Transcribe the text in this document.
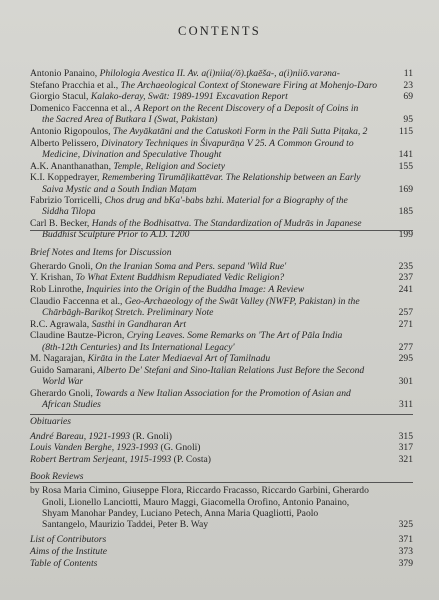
CONTENTS
Antonio Panaino, Philologia Avestica II. Av. a(i)niia(/ō).ţkaēša-, a(i)niiō.varəna-	11
Stefano Pracchia et al., The Archaeological Context of Stoneware Firing at Mohenjo-Daro	23
Giorgio Stacul, Kalako-deray, Swāt: 1989-1991 Excavation Report	69
Domenico Faccenna et al., A Report on the Recent Discovery of a Deposit of Coins in
the Sacred Area of Butkara I (Swat, Pakistan)	95
Antonio Rigopoulos, The Avyākatāni and the Catuskoti Form in the Pāli Sutta Piṭaka, 2	115
Alberto Pelissero, Divinatory Techniques in Śivapurāṇa V 25. A Common Ground to
Medicine, Divination and Speculative Thought	141
A.K. Ananthanathan, Temple, Religion and Society	155
K.I. Koppedrayer, Remembering Tirumāḷikattēvar. The Relationship between an Early
Saiva Mystic and a South Indian Maṭam	169
Fabrizio Torricelli, Chos drug and bKa'-babs bzhi. Material for a Biography of the
Siddha Tilopa	185
Carl B. Becker, Hands of the Bodhisattva. The Standardization of Mudrās in Japanese
Buddhist Sculpture Prior to A.D. 1200	199
Brief Notes and Items for Discussion
Gherardo Gnoli, On the Iranian Soma and Pers. sepand 'Wild Rue'	235
Y. Krishan, To What Extent Buddhism Repudiated Vedic Religion?	237
Rob Linrothe, Inquiries into the Origin of the Buddha Image: A Review	241
Claudio Faccenna et al., Geo-Archaeology of the Swāt Valley (NWFP, Pakistan) in the
Chārbāgh-Barikoṭ Stretch. Preliminary Note	257
R.C. Agrawala, Sasthi in Gandharan Art	271
Claudine Bautze-Picron, Crying Leaves. Some Remarks on 'The Art of Pāla India
(8th-12th Centuries) and Its International Legacy'	277
M. Nagarajan, Kirāta in the Later Mediaeval Art of Tamilnadu	295
Guido Samarani, Alberto De' Stefani and Sino-Italian Relations Just Before the Second
World War	301
Gherardo Gnoli, Towards a New Italian Association for the Promotion of Asian and
African Studies	311
Obituaries
André Bareau, 1921-1993 (R. Gnoli)	315
Louis Vanden Berghe, 1923-1993 (G. Gnoli)	317
Robert Bertram Serjeant, 1915-1993 (P. Costa)	321
Book Reviews
by Rosa Maria Cimino, Giuseppe Flora, Riccardo Fracasso, Riccardo Garbini, Gherardo
Gnoli, Lionello Lanciotti, Mauro Maggi, Giacomella Orofino, Antonio Panaino,
Shyam Manohar Pandey, Luciano Petech, Anna Maria Quagliotti, Paolo
Santangelo, Maurizio Taddei, Peter B. Way	325
List of Contributors	371
Aims of the Institute	373
Table of Contents	379
